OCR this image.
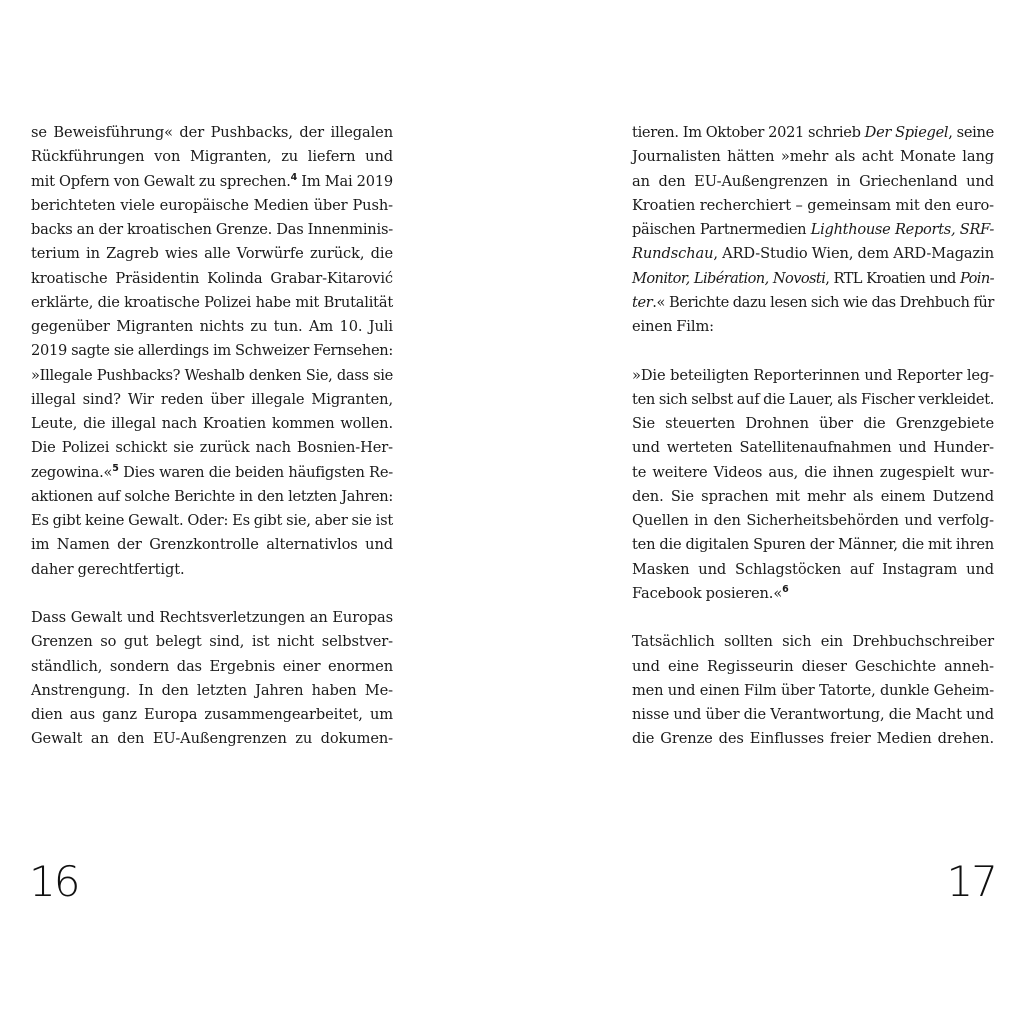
se Beweisführung« der Pushbacks, der illegalen
Rückführungen von Migranten, zu liefern und
mit Opfern von Gewalt zu sprechen.$^4$ Im Mai 2019
berichteten viele europäische Medien über Push-
backs an der kroatischen Grenze. Das Innenminis-
terium in Zagreb wies alle Vorwürfe zurück, die
kroatische Präsidentin Kolinda Grabar-Kitarović
erklärte, die kroatische Polizei habe mit Brutalität
gegenüber Migranten nichts zu tun. Am 10. Juli
2019 sagte sie allerdings im Schweizer Fernsehen:
»Illegale Pushbacks? Weshalb denken Sie, dass sie
illegal sind? Wir reden über illegale Migranten,
Leute, die illegal nach Kroatien kommen wollen.
Die Polizei schickt sie zurück nach Bosnien-Her-
zegowina.«$^5$ Dies waren die beiden häufigsten Re-
aktionen auf solche Berichte in den letzten Jahren:
Es gibt keine Gewalt. Oder: Es gibt sie, aber sie ist
im Namen der Grenzkontrolle alternativlos und
daher gerechtfertigt.
Dass Gewalt und Rechtsverletzungen an Europas
Grenzen so gut belegt sind, ist nicht selbstver-
ständlich, sondern das Ergebnis einer enormen
Anstrengung. In den letzten Jahren haben Me-
dien aus ganz Europa zusammengearbeitet, um
Gewalt an den EU-Außengrenzen zu dokumen-
16
tieren. Im Oktober 2021 schrieb Der Spiegel, seine
Journalisten hätten »mehr als acht Monate lang
an den EU-Außengrenzen in Griechenland und
Kroatien recherchiert – gemeinsam mit den euro-
päischen Partnermedien Lighthouse Reports, SRF-
Rundschau, ARD-Studio Wien, dem ARD-Magazin
Monitor, Libération, Novosti, RTL Kroatien und Poin-
ter.« Berichte dazu lesen sich wie das Drehbuch für
einen Film:
»Die beteiligten Reporterinnen und Reporter leg-
ten sich selbst auf die Lauer, als Fischer verkleidet.
Sie steuerten Drohnen über die Grenzgebiete
und werteten Satellitenaufnahmen und Hunder-
te weitere Videos aus, die ihnen zugespielt wur-
den. Sie sprachen mit mehr als einem Dutzend
Quellen in den Sicherheitsbehörden und verfolg-
ten die digitalen Spuren der Männer, die mit ihren
Masken und Schlagstöcken auf Instagram und
Facebook posieren.«$^6$
Tatsächlich sollten sich ein Drehbuchschreiber
und eine Regisseurin dieser Geschichte anneh-
men und einen Film über Tatorte, dunkle Geheim-
nisse und über die Verantwortung, die Macht und
die Grenze des Einflusses freier Medien drehen.
17
